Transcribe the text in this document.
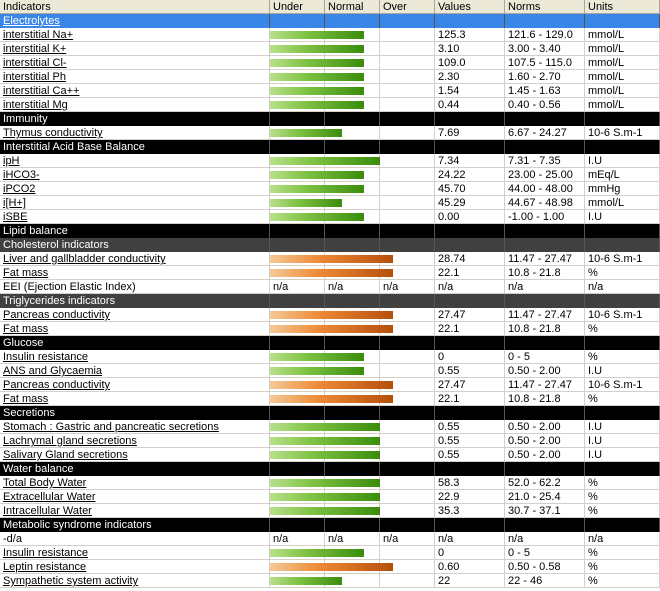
Indicators	Under	Normal	Over	Values	Norms	Units
Electrolytes
interstitial Na+	125.3	121.6 - 129.0	mmol/L
interstitial K+	3.10	3.00 - 3.40	mmol/L
interstitial Cl-	109.0	107.5 - 115.0	mmol/L
interstitial Ph	2.30	1.60 - 2.70	mmol/L
interstitial Ca++	1.54	1.45 - 1.63	mmol/L
interstitial Mg	0.44	0.40 - 0.56	mmol/L
Immunity
Thymus conductivity	7.69	6.67 - 24.27	10-6 S.m-1
Interstitial Acid Base Balance
ipH	7.34	7.31 - 7.35	I.U
iHCO3-	24.22	23.00 - 25.00	mEq/L
iPCO2	45.70	44.00 - 48.00	mmHg
i[H+]	45.29	44.67 - 48.98	mmol/L
iSBE	0.00	-1.00 - 1.00	I.U
Lipid balance
Cholesterol indicators
Liver and gallbladder conductivity	28.74	11.47 - 27.47	10-6 S.m-1
Fat mass	22.1	10.8 - 21.8	%
EEI (Ejection Elastic Index)	n/a	n/a	n/a	n/a	n/a	n/a
Triglycerides indicators
Pancreas conductivity	27.47	11.47 - 27.47	10-6 S.m-1
Fat mass	22.1	10.8 - 21.8	%
Glucose
Insulin resistance	0	0 - 5	%
ANS and Glycaemia	0.55	0.50 - 2.00	I.U
Pancreas conductivity	27.47	11.47 - 27.47	10-6 S.m-1
Fat mass	22.1	10.8 - 21.8	%
Secretions
Stomach : Gastric and pancreatic secretions	0.55	0.50 - 2.00	I.U
Lachrymal gland secretions	0.55	0.50 - 2.00	I.U
Salivary Gland secretions	0.55	0.50 - 2.00	I.U
Water balance
Total Body Water	58.3	52.0 - 62.2	%
Extracellular Water	22.9	21.0 - 25.4	%
Intracellular Water	35.3	30.7 - 37.1	%
Metabolic syndrome indicators
-d/a	n/a	n/a	n/a	n/a	n/a	n/a
Insulin resistance	0	0 - 5	%
Leptin resistance	0.60	0.50 - 0.58	%
Sympathetic system activity	22	22 - 46	%
